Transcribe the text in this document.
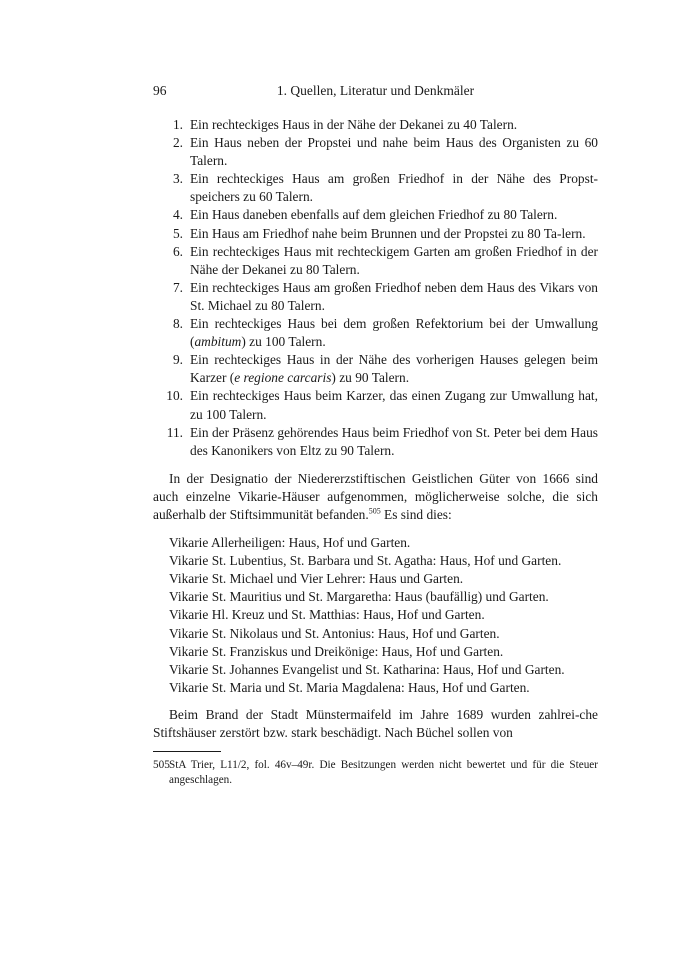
96	1. Quellen, Literatur und Denkmäler
1. Ein rechteckiges Haus in der Nähe der Dekanei zu 40 Talern.
2. Ein Haus neben der Propstei und nahe beim Haus des Organisten zu 60 Talern.
3. Ein rechteckiges Haus am großen Friedhof in der Nähe des Propst-speichers zu 60 Talern.
4. Ein Haus daneben ebenfalls auf dem gleichen Friedhof zu 80 Talern.
5. Ein Haus am Friedhof nahe beim Brunnen und der Propstei zu 80 Ta-lern.
6. Ein rechteckiges Haus mit rechteckigem Garten am großen Friedhof in der Nähe der Dekanei zu 80 Talern.
7. Ein rechteckiges Haus am großen Friedhof neben dem Haus des Vikars von St. Michael zu 80 Talern.
8. Ein rechteckiges Haus bei dem großen Refektorium bei der Umwallung (ambitum) zu 100 Talern.
9. Ein rechteckiges Haus in der Nähe des vorherigen Hauses gelegen beim Karzer (e regione carcaris) zu 90 Talern.
10. Ein rechteckiges Haus beim Karzer, das einen Zugang zur Umwallung hat, zu 100 Talern.
11. Ein der Präsenz gehörendes Haus beim Friedhof von St. Peter bei dem Haus des Kanonikers von Eltz zu 90 Talern.

In der Designatio der Niedererzstiftischen Geistlichen Güter von 1666 sind auch einzelne Vikarie-Häuser aufgenommen, möglicherweise solche, die sich außerhalb der Stiftsimmunität befanden.$^{505}$ Es sind dies:

Vikarie Allerheiligen: Haus, Hof und Garten.
Vikarie St. Lubentius, St. Barbara und St. Agatha: Haus, Hof und Garten.
Vikarie St. Michael und Vier Lehrer: Haus und Garten.
Vikarie St. Mauritius und St. Margaretha: Haus (baufällig) und Garten.
Vikarie Hl. Kreuz und St. Matthias: Haus, Hof und Garten.
Vikarie St. Nikolaus und St. Antonius: Haus, Hof und Garten.
Vikarie St. Franziskus und Dreikönige: Haus, Hof und Garten.
Vikarie St. Johannes Evangelist und St. Katharina: Haus, Hof und Garten.
Vikarie St. Maria und St. Maria Magdalena: Haus, Hof und Garten.

Beim Brand der Stadt Münstermaifeld im Jahre 1689 wurden zahlrei-che Stiftshäuser zerstört bzw. stark beschädigt. Nach Büchel sollen von

505 StA Trier, L11/2, fol. 46v–49r. Die Besitzungen werden nicht bewertet und für die Steuer angeschlagen.
